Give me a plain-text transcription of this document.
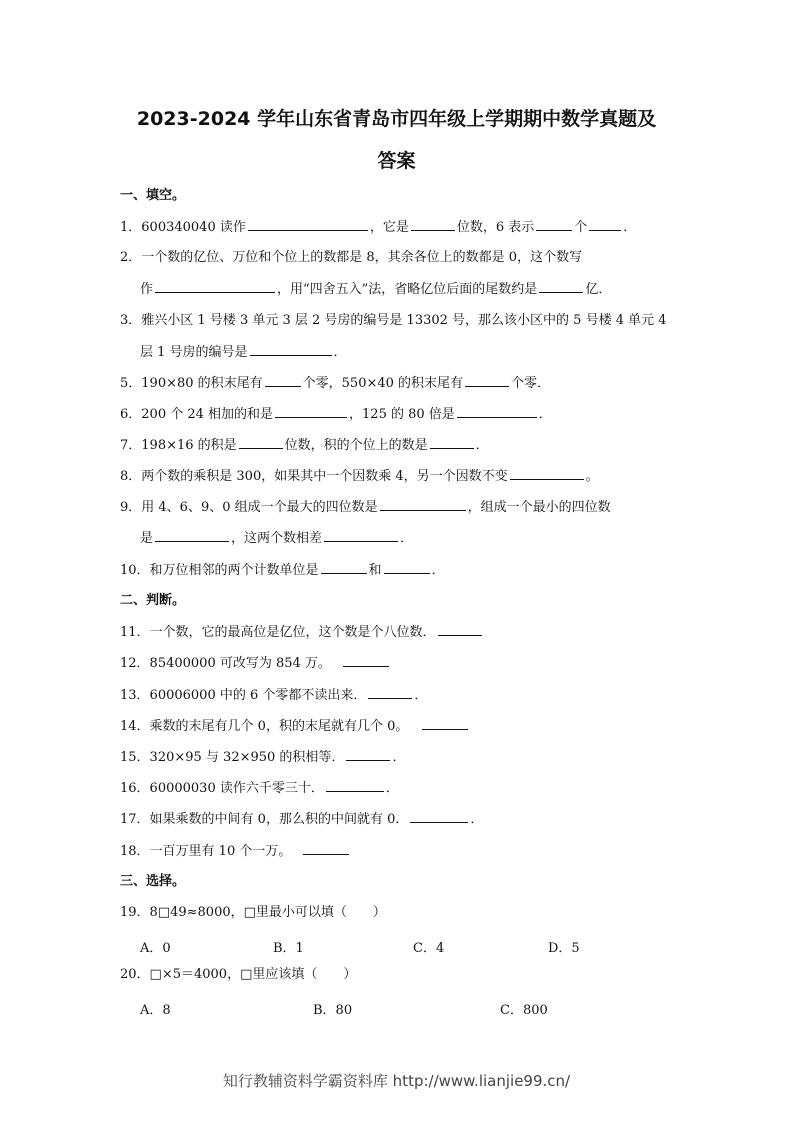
2023-2024 学年山东省青岛市四年级上学期期中数学真题及
答案
一、填空。
1．600340040 读作	，它是	位数，6 表示	个	．
2．一个数的亿位、万位和个位上的数都是 8，其余各位上的数都是 0，这个数写
作	，用“四舍五入”法，省略亿位后面的尾数约是	亿．
3．雅兴小区 1 号楼 3 单元 3 层 2 号房的编号是 13302 号，那么该小区中的 5 号楼 4 单元 4
层 1 号房的编号是	．
5．190×80 的积末尾有	个零，550×40 的积末尾有	个零．
6．200 个 24 相加的和是	，125 的 80 倍是	．
7．198×16 的积是	位数，积的个位上的数是	．
8．两个数的乘积是 300，如果其中一个因数乘 4，另一个因数不变	。
9．用 4、6、9、0 组成一个最大的四位数是	，组成一个最小的四位数
是	，这两个数相差	．
10．和万位相邻的两个计数单位是	和	．
二、判断。
11．一个数，它的最高位是亿位，这个数是个八位数．
12．85400000 可改写为 854 万。
13．60006000 中的 6 个零都不读出来．	．
14．乘数的末尾有几个 0，积的末尾就有几个 0。
15．320×95 与 32×950 的积相等．	．
16．60000030 读作六千零三十．	．
17．如果乘数的中间有 0，那么积的中间就有 0．	．
18．一百万里有 10 个一万。
三、选择。
19．8□49≈8000，□里最小可以填（　　）
A．0	B．1	C．4	D．5
20．□×5＝4000，□里应该填（　　）
A．8	B．80	C．800
知行教辅资料学霸资料库 http://www.lianjie99.cn/
